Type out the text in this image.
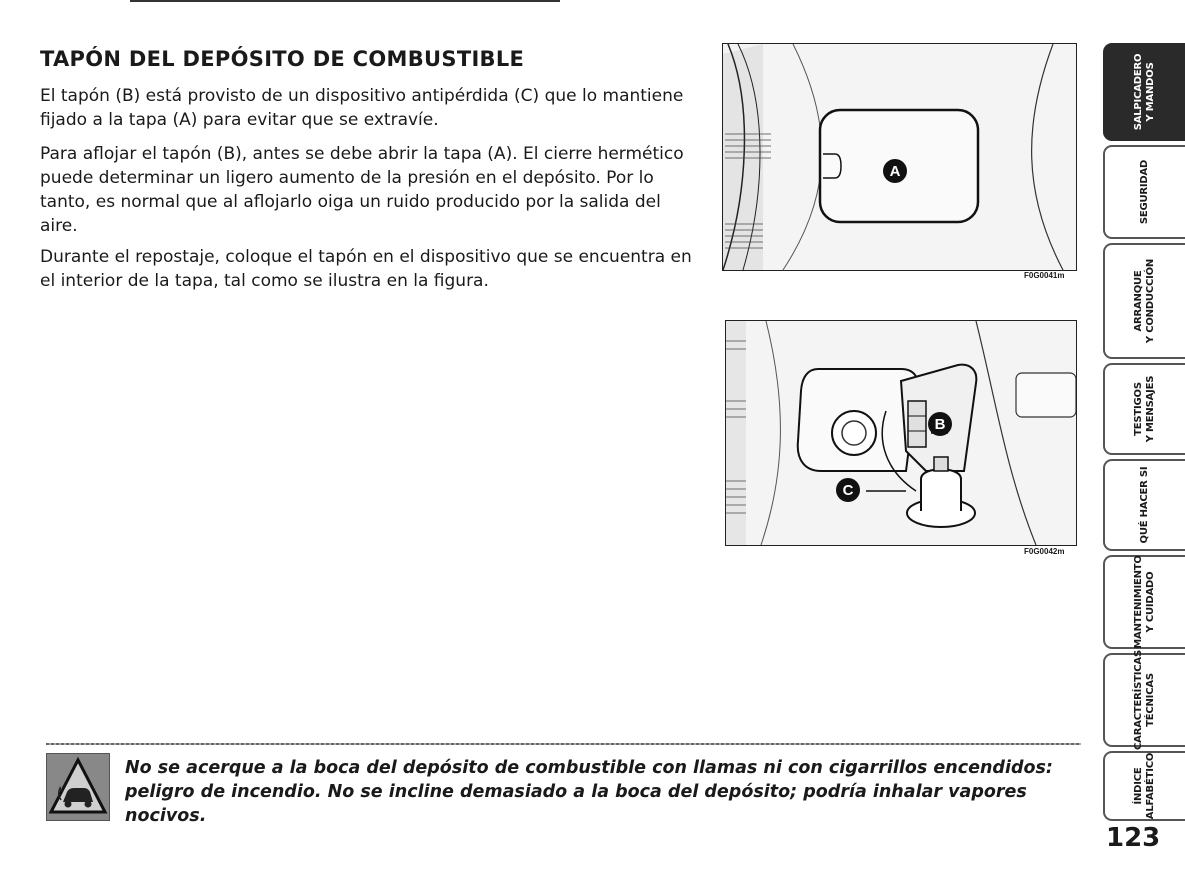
TAPÓN DEL DEPÓSITO DE COMBUSTIBLE

El tapón (B) está provisto de un dispositivo antipérdida (C) que lo mantiene fijado a la tapa (A) para evitar que se extravíe.

Para aflojar el tapón (B), antes se debe abrir la tapa (A). El cierre hermético puede determinar un ligero aumento de la presión en el depósito. Por lo tanto, es normal que al aflojarlo oiga un ruido producido por la salida del aire.

Durante el repostaje, coloque el tapón en el dispositivo que se encuentra en el interior de la tapa, tal como se ilustra en la figura.

A
F0G0041m
B
C
F0G0042m

No se acerque a la boca del depósito de combustible con llamas ni con cigarrillos encendidos: peligro de incendio. No se incline demasiado a la boca del depósito; podría inhalar vapores nocivos.

SALPICADERO
Y MANDOS
SEGURIDAD
ARRANQUE
Y CONDUCCIÓN
TESTIGOS
Y MENSAJES
QUÉ HACER SI
MANTENIMIENTO
Y CUIDADO
CARACTERÍSTICAS
TÉCNICAS
ÍNDICE
ALFABÉTICO

123
